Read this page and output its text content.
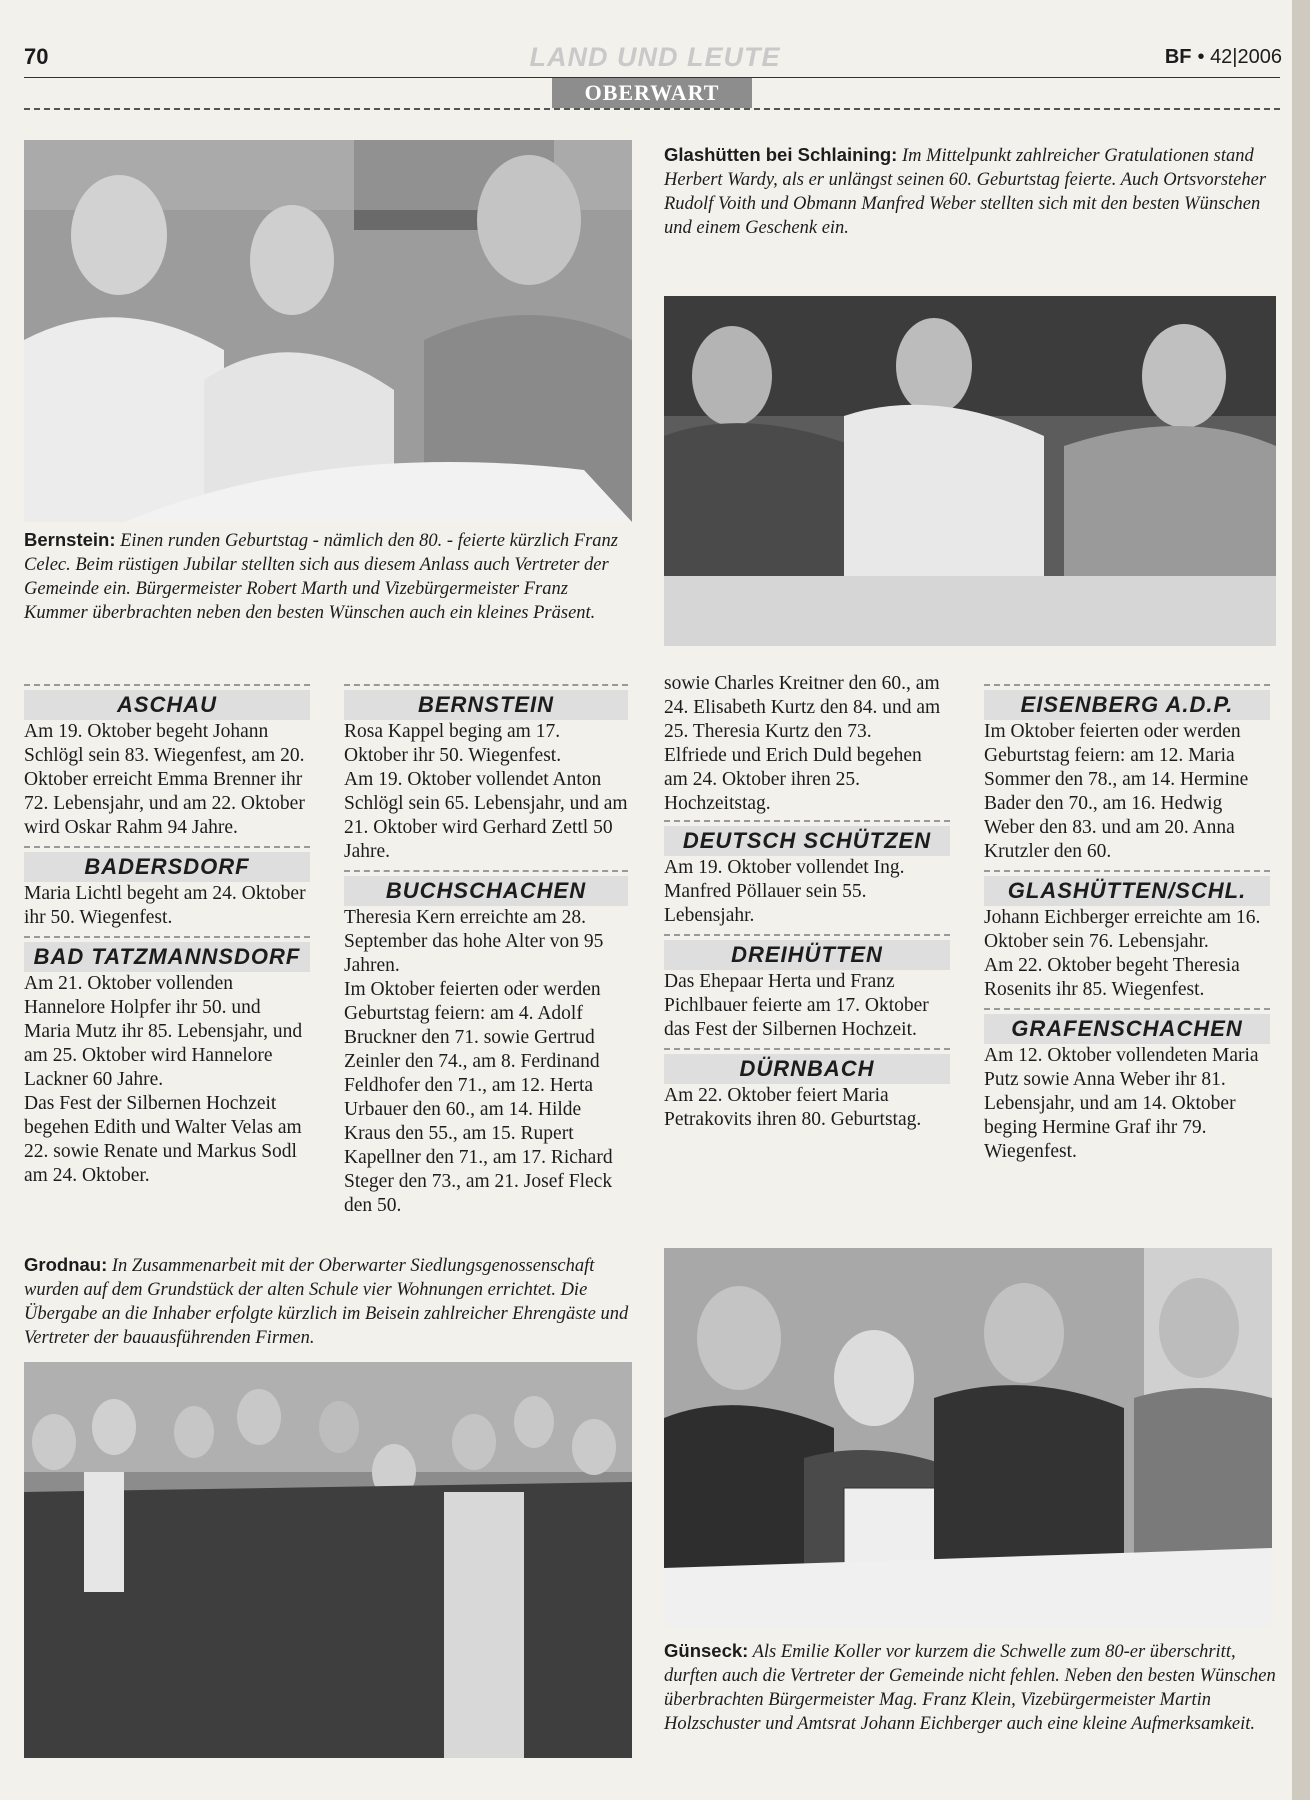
70	LAND UND LEUTE	BF • 42|2006
OBERWART
Bernstein: Einen runden Geburtstag - nämlich den 80. - feierte kürzlich Franz Celec. Beim rüstigen Jubilar stellten sich aus diesem Anlass auch Vertreter der Gemeinde ein. Bürgermeister Robert Marth und Vizebürgermeister Franz Kummer überbrachten neben den besten Wünschen auch ein kleines Präsent.
Glashütten bei Schlaining: Im Mittelpunkt zahlreicher Gratulationen stand Herbert Wardy, als er unlängst seinen 60. Geburtstag feierte. Auch Ortsvorsteher Rudolf Voith und Obmann Manfred Weber stellten sich mit den besten Wünschen und einem Geschenk ein.
ASCHAU

Am 19. Oktober begeht Johann Schlögl sein 83. Wiegenfest, am 20. Oktober erreicht Emma Brenner ihr 72. Lebensjahr, und am 22. Oktober wird Oskar Rahm 94 Jahre.

BADERSDORF

Maria Lichtl begeht am 24. Oktober ihr 50. Wiegenfest.

BAD TATZMANNSDORF

Am 21. Oktober vollenden Hannelore Holpfer ihr 50. und Maria Mutz ihr 85. Lebensjahr, und am 25. Oktober wird Hannelore Lackner 60 Jahre.

Das Fest der Silbernen Hochzeit begehen Edith und Walter Velas am 22. sowie Renate und Markus Sodl am 24. Oktober.

BERNSTEIN

Rosa Kappel beging am 17. Oktober ihr 50. Wiegenfest.

Am 19. Oktober vollendet Anton Schlögl sein 65. Lebensjahr, und am 21. Oktober wird Gerhard Zettl 50 Jahre.

BUCHSCHACHEN

Theresia Kern erreichte am 28. September das hohe Alter von 95 Jahren.

Im Oktober feierten oder werden Geburtstag feiern: am 4. Adolf Bruckner den 71. sowie Gertrud Zeinler den 74., am 8. Ferdinand Feldhofer den 71., am 12. Herta Urbauer den 60., am 14. Hilde Kraus den 55., am 15. Rupert Kapellner den 71., am 17. Richard Steger den 73., am 21. Josef Fleck den 50.

sowie Charles Kreitner den 60., am 24. Elisabeth Kurtz den 84. und am 25. Theresia Kurtz den 73.

Elfriede und Erich Duld begehen am 24. Oktober ihren 25. Hochzeitstag.

DEUTSCH SCHÜTZEN

Am 19. Oktober vollendet Ing. Manfred Pöllauer sein 55. Lebensjahr.

DREIHÜTTEN

Das Ehepaar Herta und Franz Pichlbauer feierte am 17. Oktober das Fest der Silbernen Hochzeit.

DÜRNBACH

Am 22. Oktober feiert Maria Petrakovits ihren 80. Geburtstag.

EISENBERG A.D.P.

Im Oktober feierten oder werden Geburtstag feiern: am 12. Maria Sommer den 78., am 14. Hermine Bader den 70., am 16. Hedwig Weber den 83. und am 20. Anna Krutzler den 60.

GLASHÜTTEN/SCHL.

Johann Eichberger erreichte am 16. Oktober sein 76. Lebensjahr.

Am 22. Oktober begeht Theresia Rosenits ihr 85. Wiegenfest.

GRAFENSCHACHEN

Am 12. Oktober vollendeten Maria Putz sowie Anna Weber ihr 81. Lebensjahr, und am 14. Oktober beging Hermine Graf ihr 79. Wiegenfest.

Grodnau: In Zusammenarbeit mit der Oberwarter Siedlungsgenossenschaft wurden auf dem Grundstück der alten Schule vier Wohnungen errichtet. Die Übergabe an die Inhaber erfolgte kürzlich im Beisein zahlreicher Ehrengäste und Vertreter der bauausführenden Firmen.
Günseck: Als Emilie Koller vor kurzem die Schwelle zum 80-er überschritt, durften auch die Vertreter der Gemeinde nicht fehlen. Neben den besten Wünschen überbrachten Bürgermeister Mag. Franz Klein, Vizebürgermeister Martin Holzschuster und Amtsrat Johann Eichberger auch eine kleine Aufmerksamkeit.
